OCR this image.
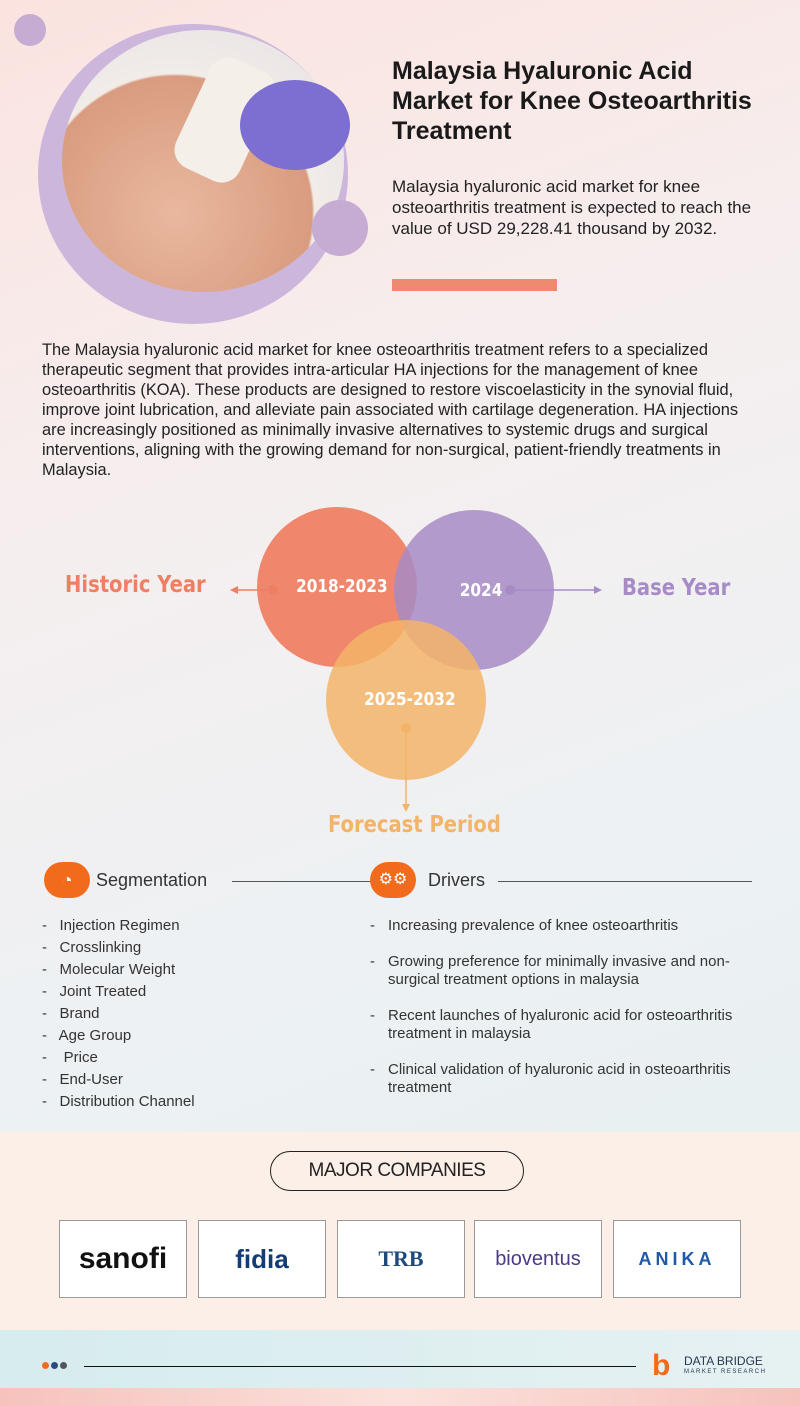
Malaysia Hyaluronic Acid Market for Knee Osteoarthritis Treatment
Malaysia hyaluronic acid market for knee osteoarthritis treatment is expected to reach the value of USD 29,228.41 thousand by 2032.
The Malaysia hyaluronic acid market for knee osteoarthritis treatment refers to a specialized therapeutic segment that provides intra-articular HA injections for the management of knee osteoarthritis (KOA). These products are designed to restore viscoelasticity in the synovial fluid, improve joint lubrication, and alleviate pain associated with cartilage degeneration. HA injections are increasingly positioned as minimally invasive alternatives to systemic drugs and surgical interventions, aligning with the growing demand for non-surgical, patient-friendly treatments in Malaysia.
2018-2023	2024
2025-2032
Historic Year	Base Year
Forecast Period
◔	Segmentation	⚙⚙	Drivers
-   Injection Regimen
-   Crosslinking
-   Molecular Weight
-   Joint Treated
-   Brand
-   Age Group
-    Price
-   End-User
-   Distribution Channel
- Increasing prevalence of knee osteoarthritis
- Growing preference for minimally invasive and non-surgical treatment options in malaysia
- Recent launches of hyaluronic acid for osteoarthritis treatment in malaysia
- Clinical validation of hyaluronic acid in osteoarthritis treatment
MAJOR COMPANIES
sanofi	fidia	TRB	bioventus	ANIKA
b	DATA BRIDGE
MARKET RESEARCH
